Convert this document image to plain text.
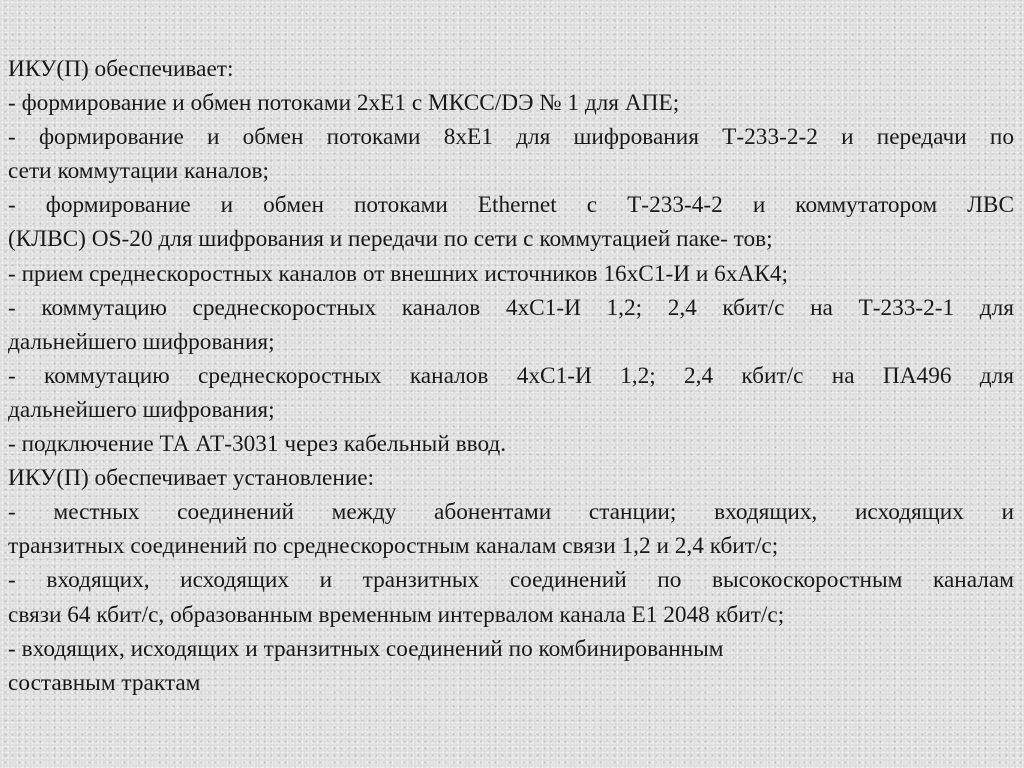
ИКУ(П) обеспечивает:
- формирование и обмен потоками 2хЕ1 с МКСС/DЭ № 1 для АПЕ;
- формирование и обмен потоками 8хЕ1 для шифрования Т-233-2-2 и передачи по
сети коммутации каналов;
- формирование и обмен потоками Ethernet с Т-233-4-2 и коммутатором ЛВС
(КЛВС) OS-20 для шифрования и передачи по сети с коммутацией паке- тов;
- прием среднескоростных каналов от внешних источников 16хС1-И и 6хАК4;
- коммутацию среднескоростных каналов 4хС1-И 1,2; 2,4 кбит/с на Т-233-2-1 для
дальнейшего шифрования;
- коммутацию среднескоростных каналов 4хС1-И 1,2; 2,4 кбит/с на ПА496 для
дальнейшего шифрования;
- подключение ТА АТ-3031 через кабельный ввод.
ИКУ(П) обеспечивает установление:
- местных соединений между абонентами станции; входящих, исходящих и
транзитных соединений по среднескоростным каналам связи 1,2 и 2,4 кбит/с;
- входящих, исходящих и транзитных соединений по высокоскоростным каналам
связи 64 кбит/с, образованным временным интервалом канала Е1 2048 кбит/с;
- входящих, исходящих и транзитных соединений по комбинированным
составным трактам
